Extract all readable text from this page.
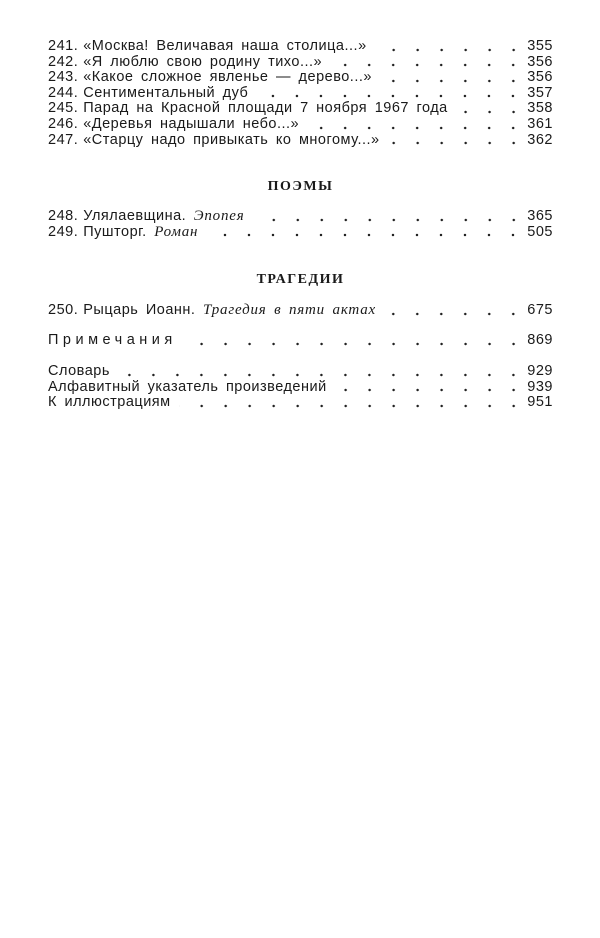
241. «Москва! Величавая наша столица...»	355
242. «Я люблю свою родину тихо...»	356
243. «Какое сложное явленье — дерево...»	356
244. Сентиментальный дуб	357
245. Парад на Красной площади 7 ноября 1967 года	358
246. «Деревья надышали небо...»	361
247. «Старцу надо привыкать ко многому...»	362
ПОЭМЫ
248. Улялаевщина. Эпопея	365
249. Пушторг. Роман	505
ТРАГЕДИИ
250. Рыцарь Иоанн. Трагедия в пяти актах	675
Примечания	869
Словарь	929
Алфавитный указатель произведений	939
К иллюстрациям	951
